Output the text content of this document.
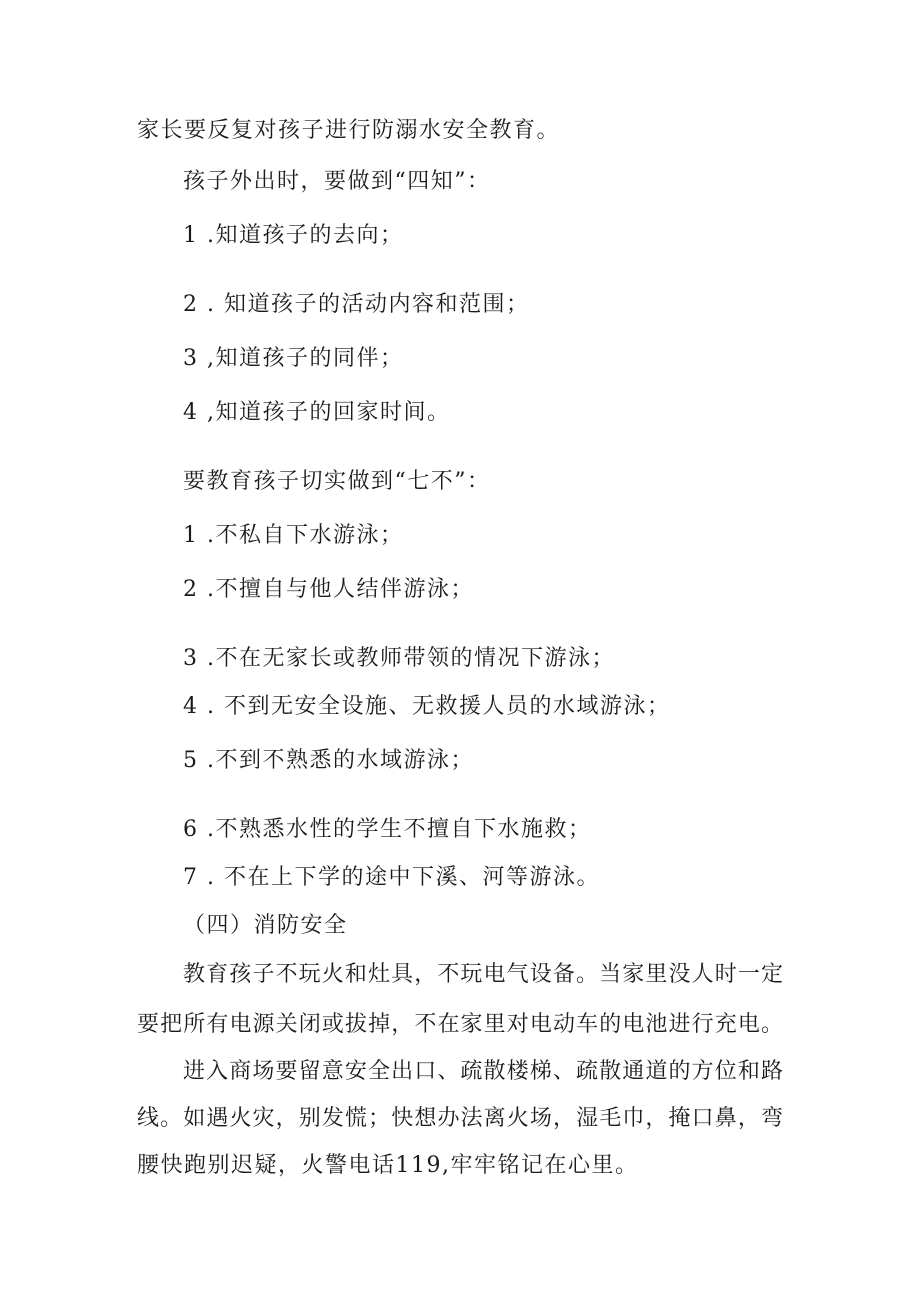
家长要反复对孩子进行防溺水安全教育。
孩子外出时，要做到“四知”：
1 .知道孩子的去向；
2 . 知道孩子的活动内容和范围；
3 ,知道孩子的同伴；
4 ,知道孩子的回家时间。
要教育孩子切实做到“七不”：
1 .不私自下水游泳；
2 .不擅自与他人结伴游泳；
3 .不在无家长或教师带领的情况下游泳；
4 . 不到无安全设施、无救援人员的水域游泳；
5 .不到不熟悉的水域游泳；
6 .不熟悉水性的学生不擅自下水施救；
7 . 不在上下学的途中下溪、河等游泳。
（四）消防安全
教育孩子不玩火和灶具，不玩电气设备。当家里没人时一定
要把所有电源关闭或拔掉，不在家里对电动车的电池进行充电。
进入商场要留意安全出口、疏散楼梯、疏散通道的方位和路
线。如遇火灾，别发慌；快想办法离火场，湿毛巾，掩口鼻，弯
腰快跑别迟疑，火警电话119,牢牢铭记在心里。
